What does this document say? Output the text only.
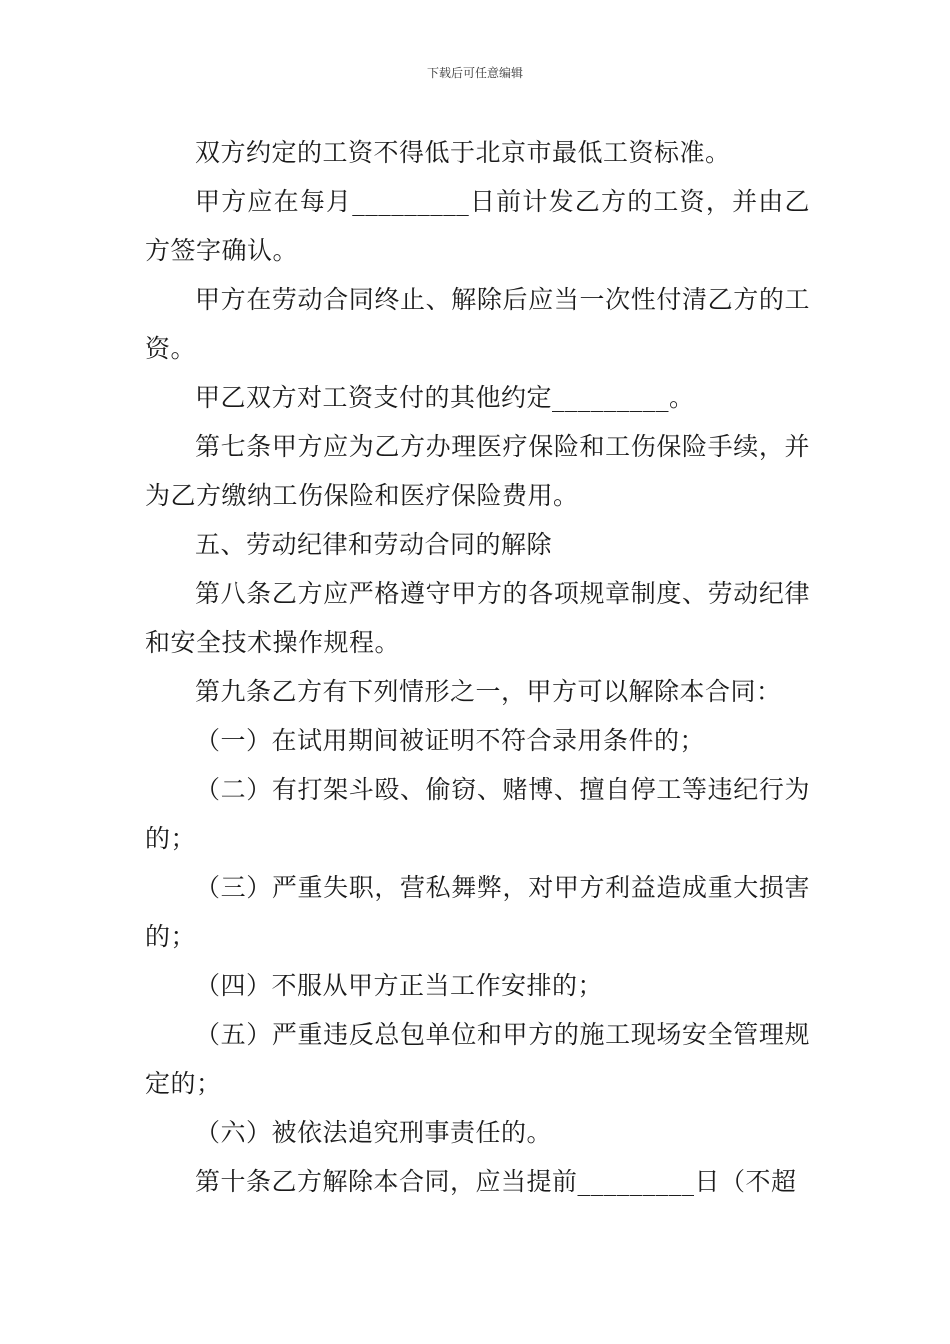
下载后可任意编辑

双方约定的工资不得低于北京市最低工资标准。

甲方应在每月_________日前计发乙方的工资，并由乙方签字确认。

甲方在劳动合同终止、解除后应当一次性付清乙方的工资。

甲乙双方对工资支付的其他约定_________。

第七条甲方应为乙方办理医疗保险和工伤保险手续，并为乙方缴纳工伤保险和医疗保险费用。

五、劳动纪律和劳动合同的解除

第八条乙方应严格遵守甲方的各项规章制度、劳动纪律和安全技术操作规程。

第九条乙方有下列情形之一，甲方可以解除本合同：

（一）在试用期间被证明不符合录用条件的；

（二）有打架斗殴、偷窃、赌博、擅自停工等违纪行为的；

（三）严重失职，营私舞弊，对甲方利益造成重大损害的；

（四）不服从甲方正当工作安排的；

（五）严重违反总包单位和甲方的施工现场安全管理规定的；

（六）被依法追究刑事责任的。

第十条乙方解除本合同，应当提前_________日（不超
